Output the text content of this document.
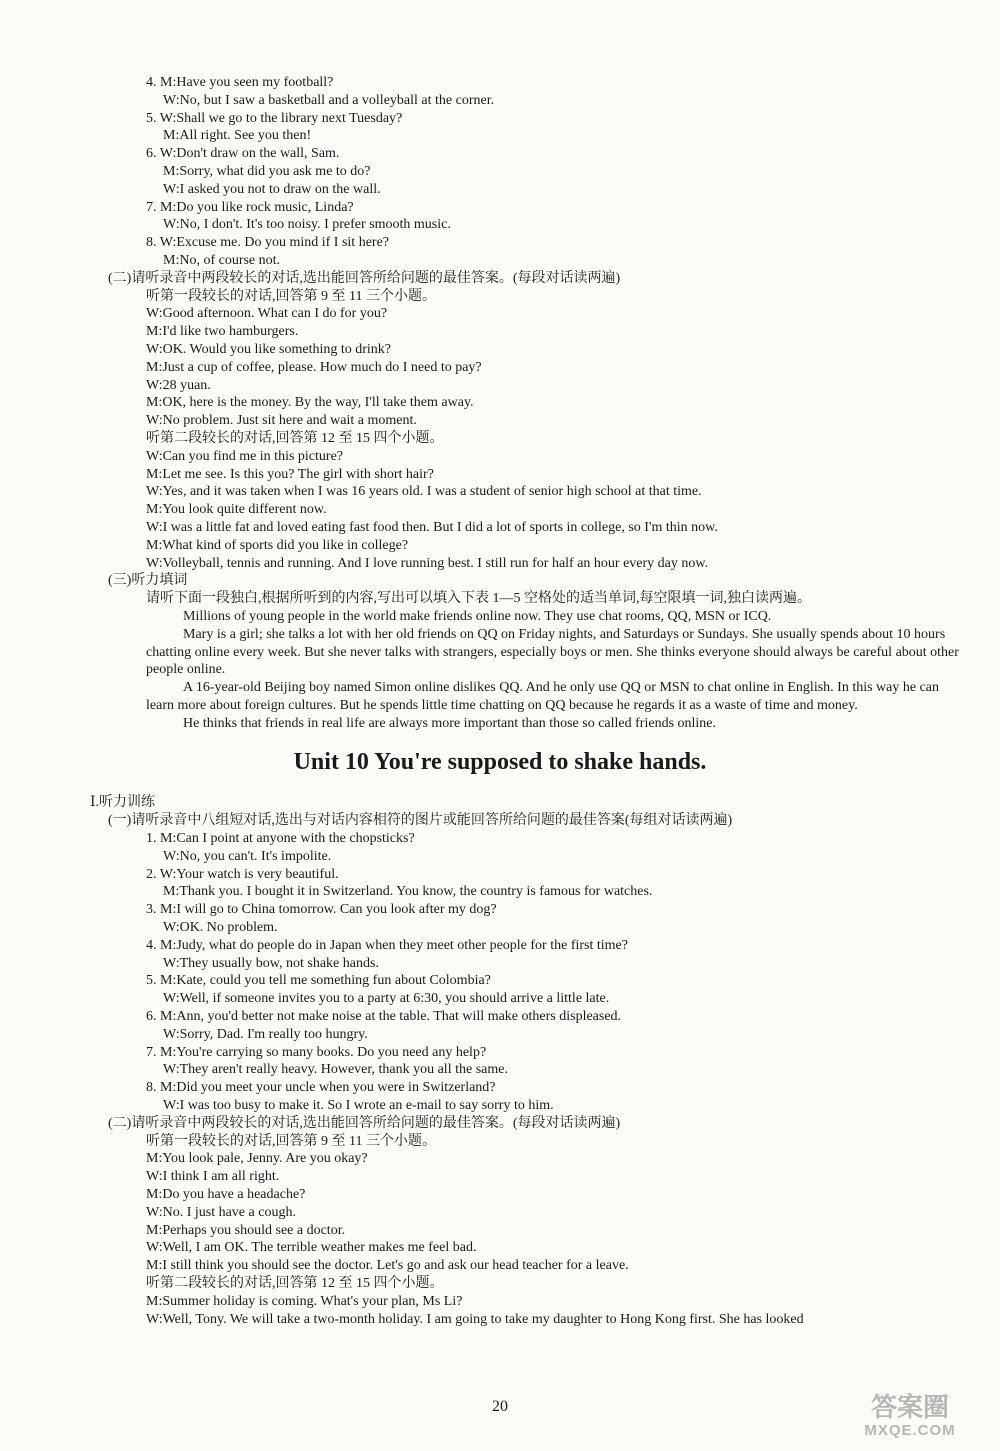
4. M:Have you seen my football?
W:No, but I saw a basketball and a volleyball at the corner.
5. W:Shall we go to the library next Tuesday?
M:All right. See you then!
6. W:Don't draw on the wall, Sam.
M:Sorry, what did you ask me to do?
W:I asked you not to draw on the wall.
7. M:Do you like rock music, Linda?
W:No, I don't. It's too noisy. I prefer smooth music.
8. W:Excuse me. Do you mind if I sit here?
M:No, of course not.
(二)请听录音中两段较长的对话,选出能回答所给问题的最佳答案。(每段对话读两遍)
听第一段较长的对话,回答第 9 至 11 三个小题。
W:Good afternoon. What can I do for you?
M:I'd like two hamburgers.
W:OK. Would you like something to drink?
M:Just a cup of coffee, please. How much do I need to pay?
W:28 yuan.
M:OK, here is the money. By the way, I'll take them away.
W:No problem. Just sit here and wait a moment.
听第二段较长的对话,回答第 12 至 15 四个小题。
W:Can you find me in this picture?
M:Let me see. Is this you? The girl with short hair?
W:Yes, and it was taken when I was 16 years old. I was a student of senior high school at that time.
M:You look quite different now.
W:I was a little fat and loved eating fast food then. But I did a lot of sports in college, so I'm thin now.
M:What kind of sports did you like in college?
W:Volleyball, tennis and running. And I love running best. I still run for half an hour every day now.
(三)听力填词
请听下面一段独白,根据所听到的内容,写出可以填入下表 1—5 空格处的适当单词,每空限填一词,独白读两遍。
Millions of young people in the world make friends online now. They use chat rooms, QQ, MSN or ICQ.
Mary is a girl; she talks a lot with her old friends on QQ on Friday nights, and Saturdays or Sundays. She usually spends about 10 hours chatting online every week. But she never talks with strangers, especially boys or men. She thinks everyone should always be careful about other people online.
A 16-year-old Beijing boy named Simon online dislikes QQ. And he only use QQ or MSN to chat online in English. In this way he can learn more about foreign cultures. But he spends little time chatting on QQ because he regards it as a waste of time and money.
He thinks that friends in real life are always more important than those so called friends online.
Unit 10 You're supposed to shake hands.
Ⅰ.听力训练
(一)请听录音中八组短对话,选出与对话内容相符的图片或能回答所给问题的最佳答案(每组对话读两遍)
1. M:Can I point at anyone with the chopsticks?
W:No, you can't. It's impolite.
2. W:Your watch is very beautiful.
M:Thank you. I bought it in Switzerland. You know, the country is famous for watches.
3. M:I will go to China tomorrow. Can you look after my dog?
W:OK. No problem.
4. M:Judy, what do people do in Japan when they meet other people for the first time?
W:They usually bow, not shake hands.
5. M:Kate, could you tell me something fun about Colombia?
W:Well, if someone invites you to a party at 6:30, you should arrive a little late.
6. M:Ann, you'd better not make noise at the table. That will make others displeased.
W:Sorry, Dad. I'm really too hungry.
7. M:You're carrying so many books. Do you need any help?
W:They aren't really heavy. However, thank you all the same.
8. M:Did you meet your uncle when you were in Switzerland?
W:I was too busy to make it. So I wrote an e-mail to say sorry to him.
(二)请听录音中两段较长的对话,选出能回答所给问题的最佳答案。(每段对话读两遍)
听第一段较长的对话,回答第 9 至 11 三个小题。
M:You look pale, Jenny. Are you okay?
W:I think I am all right.
M:Do you have a headache?
W:No. I just have a cough.
M:Perhaps you should see a doctor.
W:Well, I am OK. The terrible weather makes me feel bad.
M:I still think you should see the doctor. Let's go and ask our head teacher for a leave.
听第二段较长的对话,回答第 12 至 15 四个小题。
M:Summer holiday is coming. What's your plan, Ms Li?
W:Well, Tony. We will take a two-month holiday. I am going to take my daughter to Hong Kong first. She has looked
20	答案圈
MXQE.COM
